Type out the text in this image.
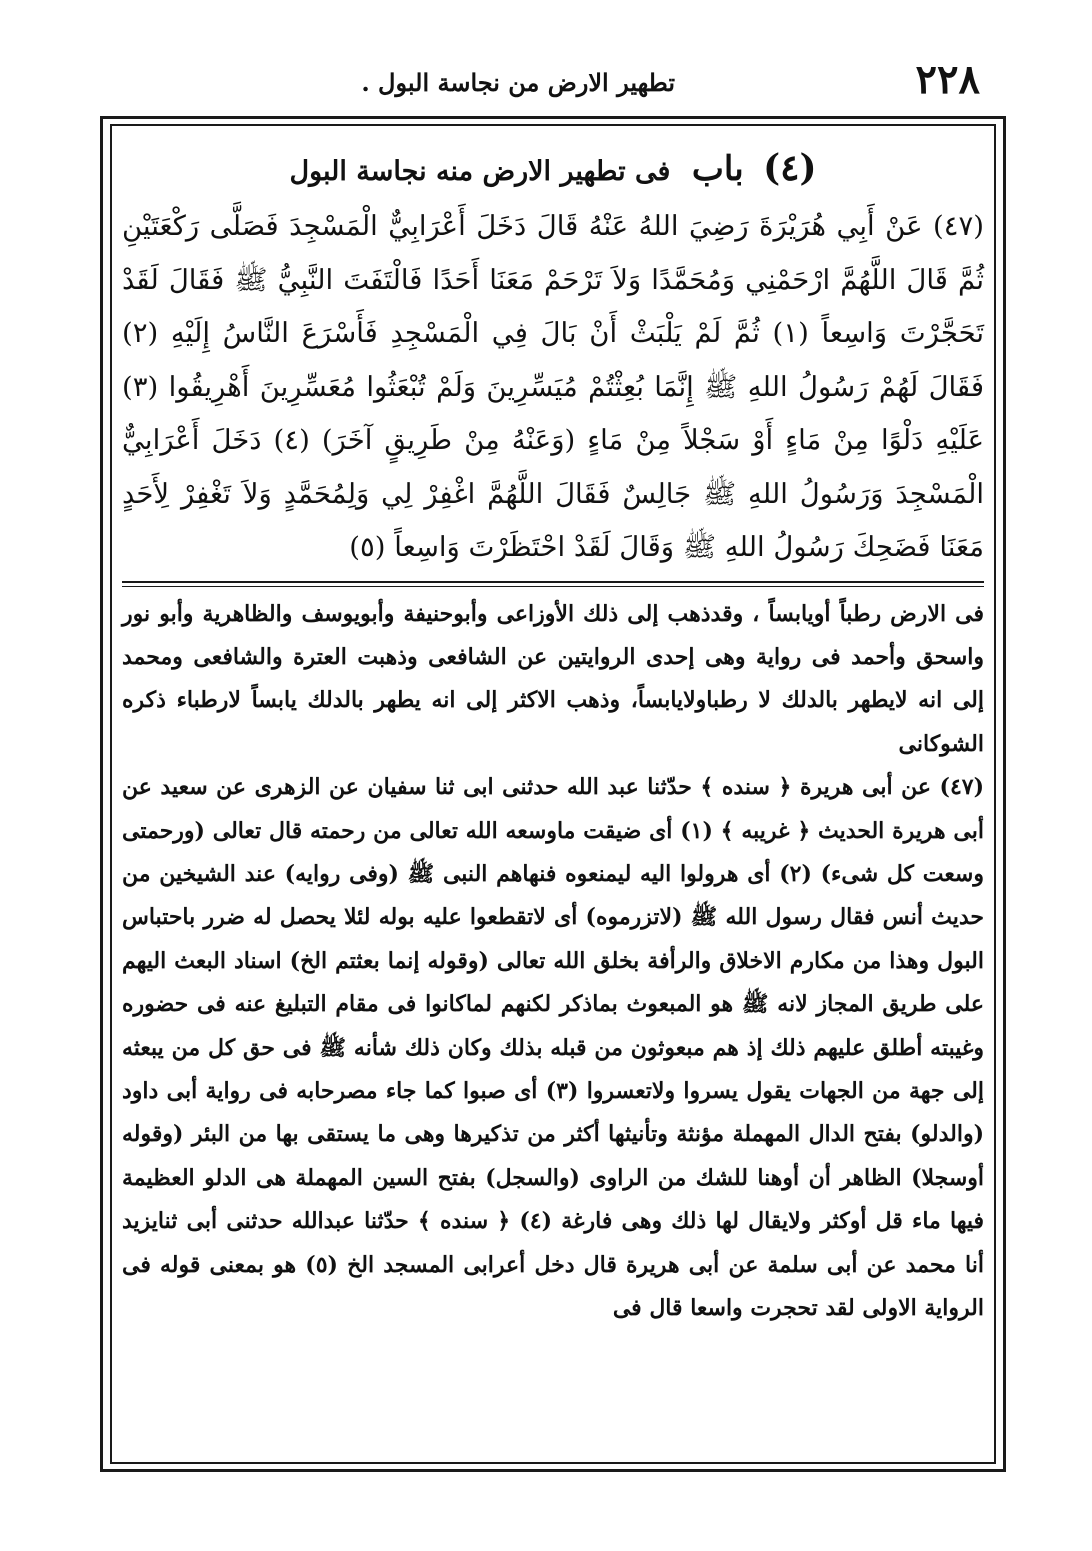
٢٢٨
تطهير الارض من نجاسة البول .
(٤) باب فى تطهير الارض منه نجاسة البول
(٤٧) عَنْ أَبِي هُرَيْرَةَ رَضِيَ اللهُ عَنْهُ قَالَ دَخَلَ أَعْرَابِيٌّ الْمَسْجِدَ فَصَلَّى رَكْعَتَيْنِ ثُمَّ قَالَ اللَّهُمَّ ارْحَمْنِي وَمُحَمَّدًا وَلاَ تَرْحَمْ مَعَنَا أَحَدًا فَالْتَفَتَ النَّبِيُّ ﷺ فَقَالَ لَقَدْ تَحَجَّرْتَ وَاسِعاً (١) ثُمَّ لَمْ يَلْبَثْ أَنْ بَالَ فِي الْمَسْجِدِ فَأَسْرَعَ النَّاسُ إِلَيْهِ (٢) فَقَالَ لَهُمْ رَسُولُ اللهِ ﷺ إِنَّمَا بُعِثْتُمْ مُيَسِّرِينَ وَلَمْ تُبْعَثُوا مُعَسِّرِينَ أَهْرِيقُوا (٣) عَلَيْهِ دَلْوًا مِنْ مَاءٍ أَوْ سَجْلاً مِنْ مَاءٍ (وَعَنْهُ مِنْ طَرِيقٍ آخَرَ) (٤) دَخَلَ أَعْرَابِيٌّ الْمَسْجِدَ وَرَسُولُ اللهِ ﷺ جَالِسٌ فَقَالَ اللَّهُمَّ اغْفِرْ لِي وَلِمُحَمَّدٍ وَلاَ تَغْفِرْ لِأَحَدٍ مَعَنَا فَضَحِكَ رَسُولُ اللهِ ﷺ وَقَالَ لَقَدْ احْتَظَرْتَ وَاسِعاً (٥)
فى الارض رطباً أويابساً ، وقدذهب إلى ذلك الأوزاعى وأبوحنيفة وأبويوسف والظاهرية وأبو نور واسحق وأحمد فى رواية وهى إحدى الروايتين عن الشافعى وذهبت العترة والشافعى ومحمد إلى انه لايطهر بالدلك لا رطباولايابساً، وذهب الاكثر إلى انه يطهر بالدلك يابساً لارطباء ذكره الشوكانى
(٤٧) عن أبى هريرة ﴿ سنده ﴾ حدّثنا عبد الله حدثنى ابى ثنا سفيان عن الزهرى عن سعيد عن أبى هريرة الحديث ﴿ غريبه ﴾ (١) أى ضيقت ماوسعه الله تعالى من رحمته قال تعالى (ورحمتى وسعت كل شىء) (٢) أى هرولوا اليه ليمنعوه فنهاهم النبى ﷺ (وفى روايه) عند الشيخين من حديث أنس فقال رسول الله ﷺ (لاتزرموه) أى لاتقطعوا عليه بوله لئلا يحصل له ضرر باحتباس البول وهذا من مكارم الاخلاق والرأفة بخلق الله تعالى (وقوله إنما بعثتم الخ) اسناد البعث اليهم على طريق المجاز لانه ﷺ هو المبعوث بماذكر لكنهم لماكانوا فى مقام التبليغ عنه فى حضوره وغيبته أطلق عليهم ذلك إذ هم مبعوثون من قبله بذلك وكان ذلك شأنه ﷺ فى حق كل من يبعثه إلى جهة من الجهات يقول يسروا ولاتعسروا (٣) أى صبوا كما جاء مصرحابه فى رواية أبى داود (والدلو) بفتح الدال المهملة مؤنثة وتأنيثها أكثر من تذكيرها وهى ما يستقى بها من البئر (وقوله أوسجلا) الظاهر أن أوهنا للشك من الراوى (والسجل) بفتح السين المهملة هى الدلو العظيمة فيها ماء قل أوكثر ولايقال لها ذلك وهى فارغة (٤) ﴿ سنده ﴾ حدّثنا عبدالله حدثنى أبى ثنايزيد أنا محمد عن أبى سلمة عن أبى هريرة قال دخل أعرابى المسجد الخ (٥) هو بمعنى قوله فى الرواية الاولى لقد تحجرت واسعا قال فى
